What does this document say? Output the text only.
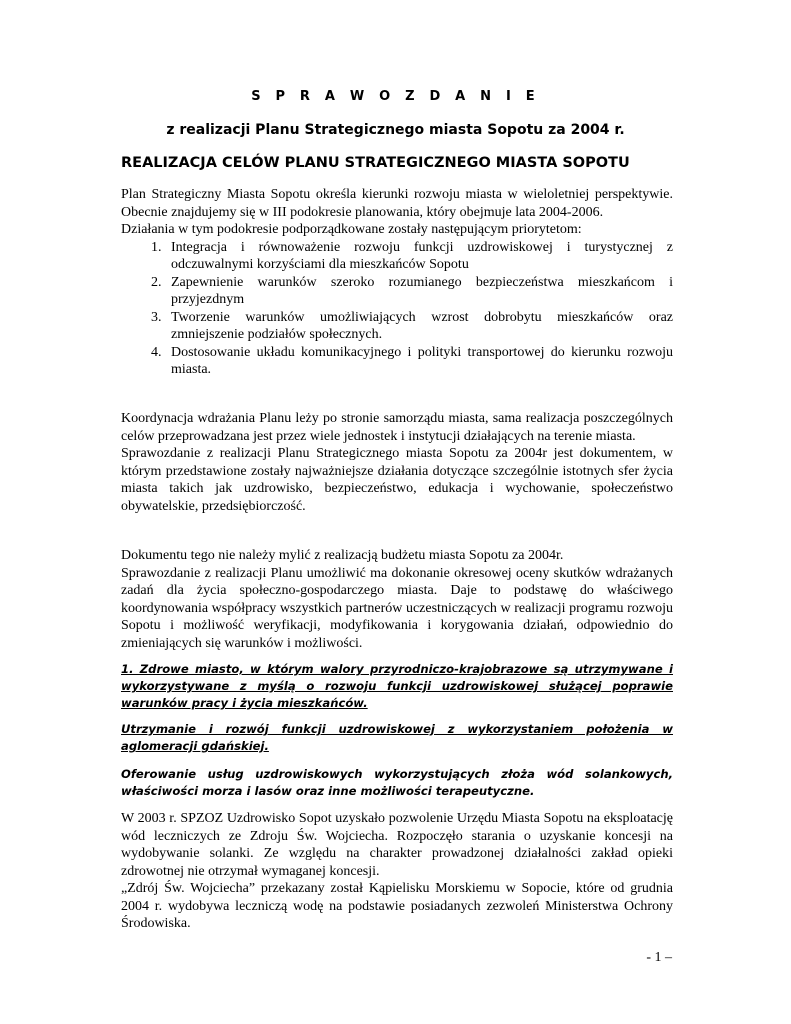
S P R A W O Z D A N I E
z realizacji Planu Strategicznego miasta Sopotu za 2004 r.
REALIZACJA CELÓW PLANU STRATEGICZNEGO MIASTA SOPOTU

Plan Strategiczny Miasta Sopotu określa kierunki rozwoju miasta w wieloletniej perspektywie. Obecnie znajdujemy się w III podokresie planowania, który obejmuje lata 2004-2006.

Działania w tym podokresie podporządkowane zostały następującym priorytetom:

1. Integracja i równoważenie rozwoju funkcji uzdrowiskowej i turystycznej z odczuwalnymi korzyściami dla mieszkańców Sopotu
2. Zapewnienie warunków szeroko rozumianego bezpieczeństwa mieszkańcom i przyjezdnym
3. Tworzenie warunków umożliwiających wzrost dobrobytu mieszkańców oraz zmniejszenie podziałów społecznych.
4. Dostosowanie układu komunikacyjnego i polityki transportowej do kierunku rozwoju miasta.

Koordynacja wdrażania Planu leży po stronie samorządu miasta, sama realizacja poszczególnych celów przeprowadzana jest przez wiele jednostek i instytucji działających na terenie miasta.

Sprawozdanie z realizacji Planu Strategicznego miasta Sopotu za 2004r jest dokumentem, w którym przedstawione zostały najważniejsze działania dotyczące szczególnie istotnych sfer życia miasta takich jak uzdrowisko, bezpieczeństwo, edukacja i wychowanie, społeczeństwo obywatelskie, przedsiębiorczość.

Dokumentu tego nie należy mylić z realizacją budżetu miasta Sopotu za 2004r.

Sprawozdanie z realizacji Planu umożliwić ma dokonanie okresowej oceny skutków wdrażanych zadań dla życia społeczno-gospodarczego miasta. Daje to podstawę do właściwego koordynowania współpracy wszystkich partnerów uczestniczących w realizacji programu rozwoju Sopotu i możliwość weryfikacji, modyfikowania i korygowania działań, odpowiednio do zmieniających się warunków i możliwości.

1. Zdrowe miasto, w którym walory przyrodniczo-krajobrazowe są utrzymywane i wykorzystywane z myślą o rozwoju funkcji uzdrowiskowej służącej poprawie warunków pracy i życia mieszkańców.
Utrzymanie i rozwój funkcji uzdrowiskowej z wykorzystaniem położenia w aglomeracji gdańskiej.
Oferowanie usług uzdrowiskowych wykorzystujących złoża wód solankowych, właściwości morza i lasów oraz inne możliwości terapeutyczne.

W 2003 r. SPZOZ Uzdrowisko Sopot uzyskało pozwolenie Urzędu Miasta Sopotu na eksploatację wód leczniczych ze Zdroju Św. Wojciecha. Rozpoczęło starania o uzyskanie koncesji na wydobywanie solanki. Ze względu na charakter prowadzonej działalności zakład opieki zdrowotnej nie otrzymał wymaganej koncesji.

„Zdrój Św. Wojciecha” przekazany został Kąpielisku Morskiemu w Sopocie, które od grudnia 2004 r. wydobywa leczniczą wodę na podstawie posiadanych zezwoleń Ministerstwa Ochrony Środowiska.

- 1 –
